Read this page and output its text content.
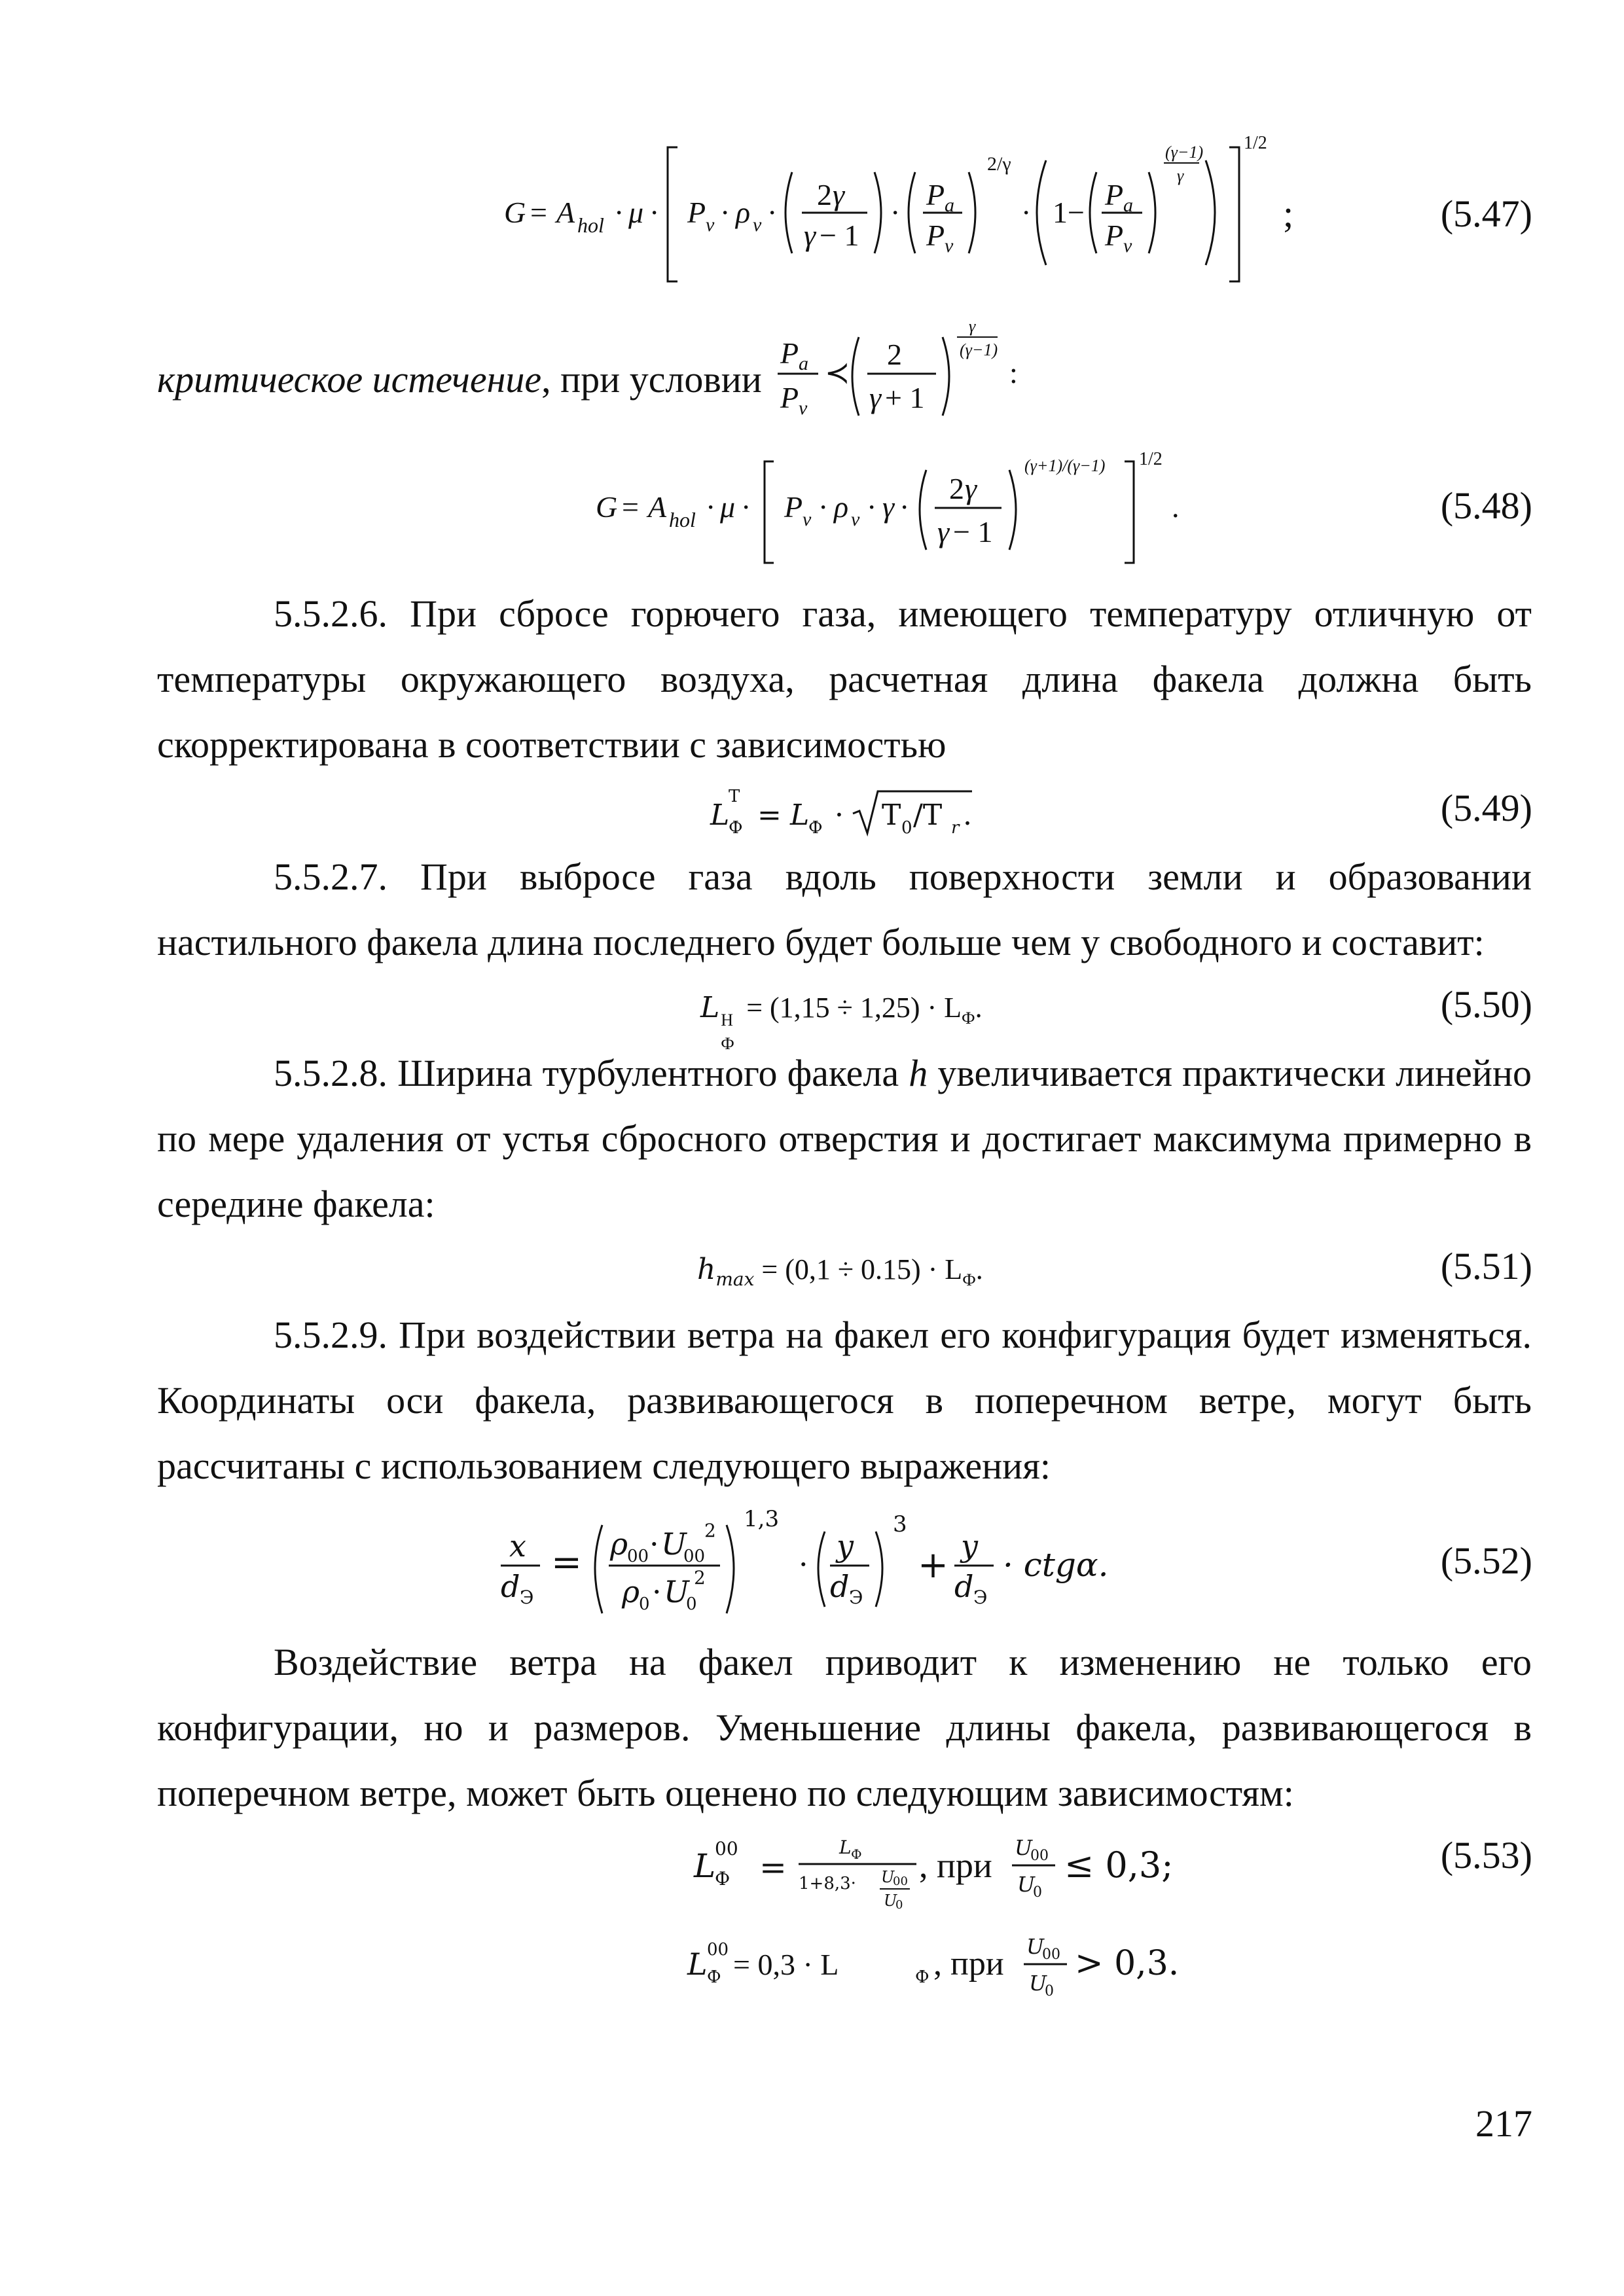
G = A hol · μ · P v · ρ v ·
2 γ
γ − 1
·
P a
P v
2/γ
· 1−
P a
P v
(γ−1)
γ
1/2
;	(5.47)
критическое истечение, при условии
P a
P v
≺
2
γ + 1
γ
(γ−1)
:
G = A hol · μ · P v · ρ v · γ ·
2 γ
γ − 1
(γ+1)/(γ−1) 1/2
.	(5.48)

5.5.2.6. При сбросе горючего газа, имеющего температуру отличную от температуры окружающего воздуха, расчетная длина факела должна быть скорректирована в соответствии с зависимостью

L
Т
Ф = L
Ф · T 0 /T r .	(5.49)

5.5.2.7. При выбросе газа вдоль поверхности земли и образовании настильного факела длина последнего будет больше чем у свободного и составит:

L Н
Ф
= $(1,15 \div 1,25) \cdot L_Ф$.	(5.50)

5.5.2.8. Ширина турбулентного факела h увеличивается практически линейно по мере удаления от устья сбросного отверстия и достигает максимума примерно в середине факела:

$h_{max} = (0,1 \div 0.15) \cdot L_Ф$.	(5.51)

5.5.2.9. При воздействии ветра на факел его конфигурация будет изменяться. Координаты оси факела, развивающегося в поперечном ветре, могут быть рассчитаны с использованием следующего выражения:

x
d Э
= ρ
00 · U
00
2
ρ
0 · U
0
2
1,3
·
y
d Э
3
+ y
d Э
· ctgα.	(5.52)

Воздействие ветра на факел приводит к изменению не только его конфигурации, но и размеров. Уменьшение длины факела, развивающегося в поперечном ветре, может быть оценено по следующим зависимостям:

L
00
Ф =
L Ф
1+8,3· U
00
U
0
, при U
00
U
0
≤ 0,3;	(5.53)
L 00
Ф = 0,3 · L	Ф , при U
00
U
0
> 0,3.
217
